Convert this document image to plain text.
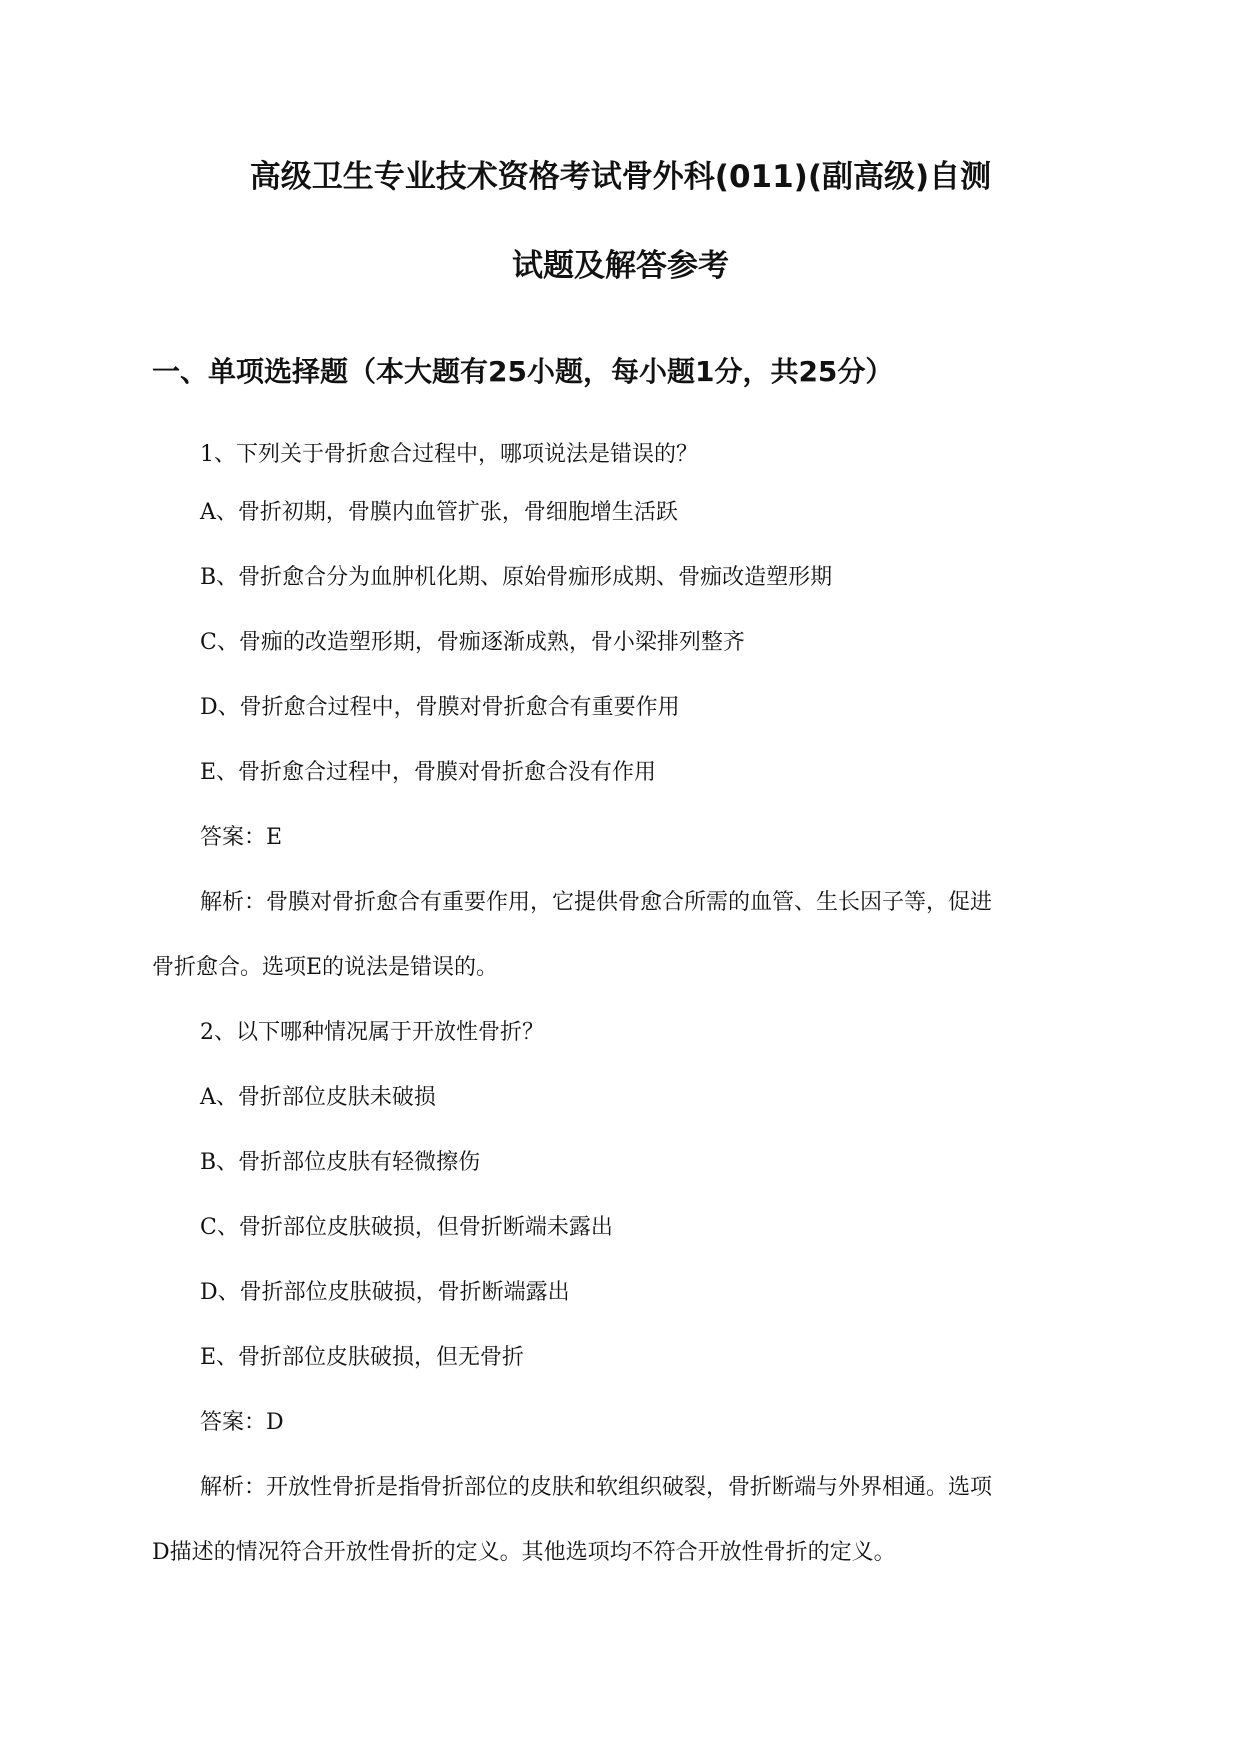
高级卫生专业技术资格考试骨外科(011)(副高级)自测
试题及解答参考
一、单项选择题（本大题有25小题，每小题1分，共25分）
1、下列关于骨折愈合过程中，哪项说法是错误的？
A、骨折初期，骨膜内血管扩张，骨细胞增生活跃
B、骨折愈合分为血肿机化期、原始骨痂形成期、骨痂改造塑形期
C、骨痂的改造塑形期，骨痂逐渐成熟，骨小梁排列整齐
D、骨折愈合过程中，骨膜对骨折愈合有重要作用
E、骨折愈合过程中，骨膜对骨折愈合没有作用
答案：E
解析：骨膜对骨折愈合有重要作用，它提供骨愈合所需的血管、生长因子等，促进
骨折愈合。选项E的说法是错误的。
2、以下哪种情况属于开放性骨折？
A、骨折部位皮肤未破损
B、骨折部位皮肤有轻微擦伤
C、骨折部位皮肤破损，但骨折断端未露出
D、骨折部位皮肤破损，骨折断端露出
E、骨折部位皮肤破损，但无骨折
答案：D
解析：开放性骨折是指骨折部位的皮肤和软组织破裂，骨折断端与外界相通。选项
D描述的情况符合开放性骨折的定义。其他选项均不符合开放性骨折的定义。
